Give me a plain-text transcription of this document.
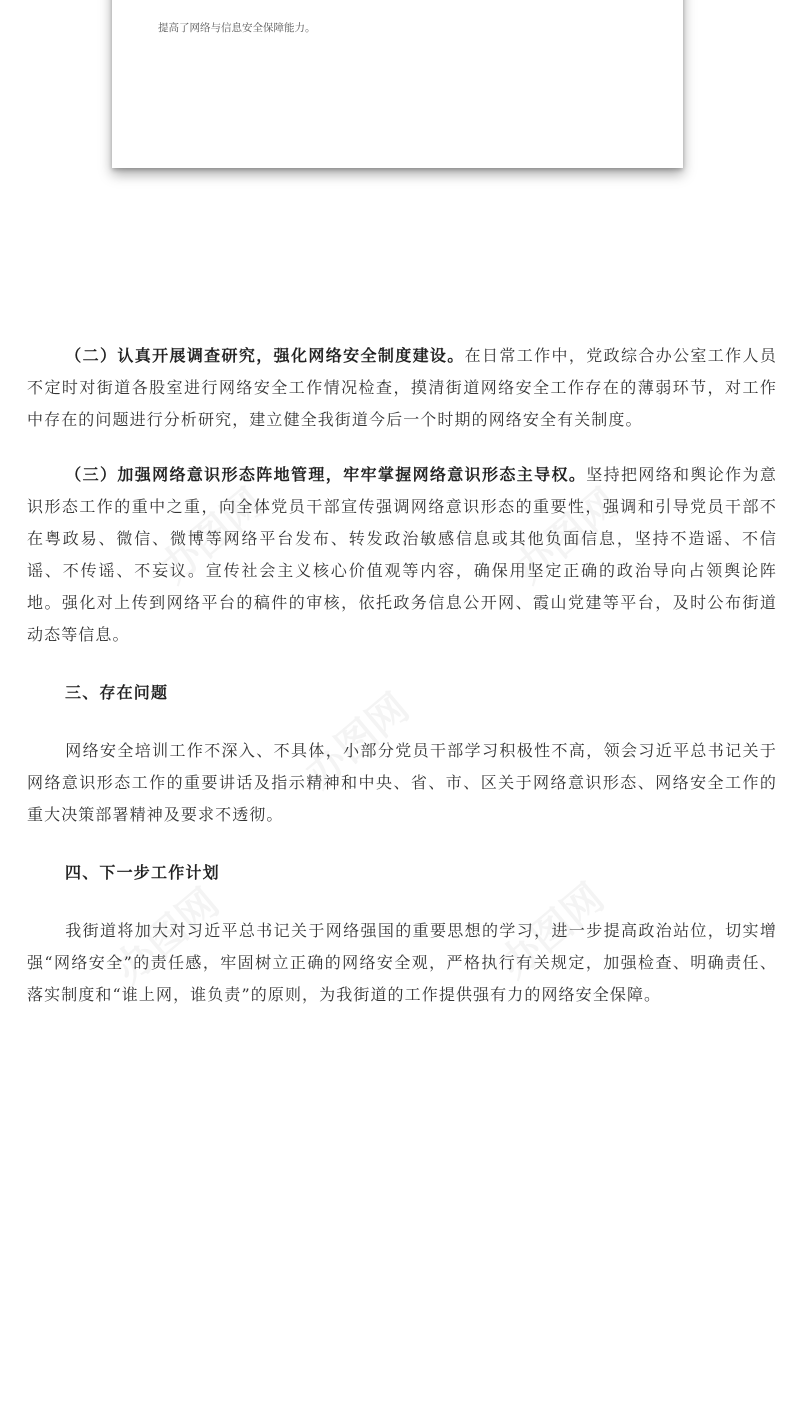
提高了网络与信息安全保障能力。

（二）认真开展调查研究，强化网络安全制度建设。在日常工作中，党政综合办公室工作人员不定时对街道各股室进行网络安全工作情况检查，摸清街道网络安全工作存在的薄弱环节，对工作中存在的问题进行分析研究，建立健全我街道今后一个时期的网络安全有关制度。

（三）加强网络意识形态阵地管理，牢牢掌握网络意识形态主导权。坚持把网络和舆论作为意识形态工作的重中之重，向全体党员干部宣传强调网络意识形态的重要性，强调和引导党员干部不在粤政易、微信、微博等网络平台发布、转发政治敏感信息或其他负面信息，坚持不造谣、不信谣、不传谣、不妄议。宣传社会主义核心价值观等内容，确保用坚定正确的政治导向占领舆论阵地。强化对上传到网络平台的稿件的审核，依托政务信息公开网、霞山党建等平台，及时公布街道动态等信息。

三、存在问题

网络安全培训工作不深入、不具体，小部分党员干部学习积极性不高，领会习近平总书记关于网络意识形态工作的重要讲话及指示精神和中央、省、市、区关于网络意识形态、网络安全工作的重大决策部署精神及要求不透彻。

四、下一步工作计划

我街道将加大对习近平总书记关于网络强国的重要思想的学习，进一步提高政治站位，切实增强“网络安全”的责任感，牢固树立正确的网络安全观，严格执行有关规定，加强检查、明确责任、落实制度和“谁上网，谁负责”的原则，为我街道的工作提供强有力的网络安全保障。
